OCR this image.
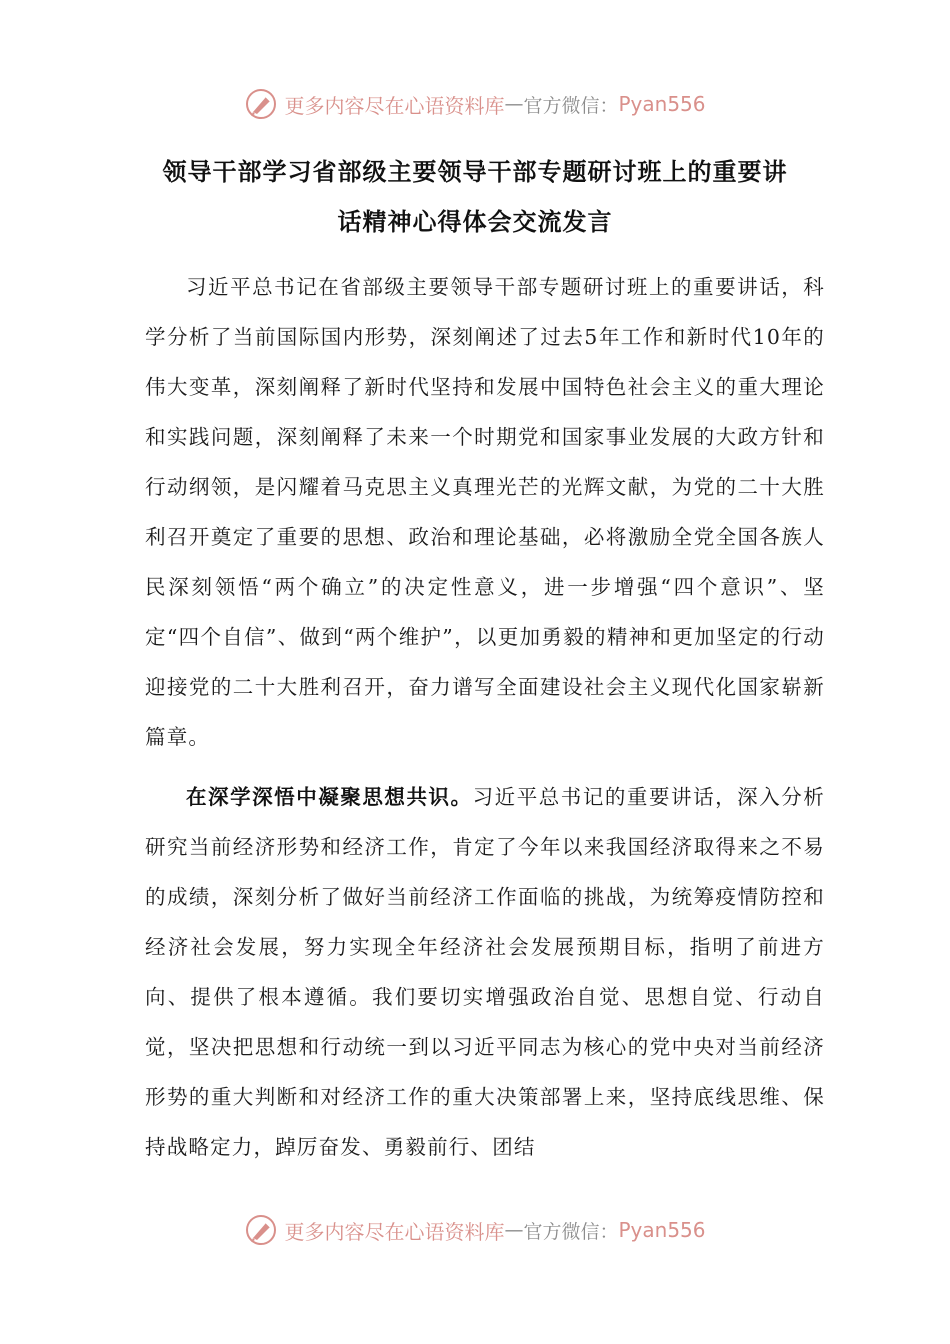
更多内容尽在心语资料库 — 官方微信： Pyan556
领导干部学习省部级主要领导干部专题研讨班上的重要讲
话精神心得体会交流发言

习近平总书记在省部级主要领导干部专题研讨班上的重要讲话，科学分析了当前国际国内形势，深刻阐述了过去5年工作和新时代10年的伟大变革，深刻阐释了新时代坚持和发展中国特色社会主义的重大理论和实践问题，深刻阐释了未来一个时期党和国家事业发展的大政方针和行动纲领，是闪耀着马克思主义真理光芒的光辉文献，为党的二十大胜利召开奠定了重要的思想、政治和理论基础，必将激励全党全国各族人民深刻领悟“两个确立”的决定性意义，进一步增强“四个意识”、坚定“四个自信”、做到“两个维护”，以更加勇毅的精神和更加坚定的行动迎接党的二十大胜利召开，奋力谱写全面建设社会主义现代化国家崭新篇章。

在深学深悟中凝聚思想共识。习近平总书记的重要讲话，深入分析研究当前经济形势和经济工作，肯定了今年以来我国经济取得来之不易的成绩，深刻分析了做好当前经济工作面临的挑战，为统筹疫情防控和经济社会发展，努力实现全年经济社会发展预期目标，指明了前进方向、提供了根本遵循。我们要切实增强政治自觉、思想自觉、行动自觉，坚决把思想和行动统一到以习近平同志为核心的党中央对当前经济形势的重大判断和对经济工作的重大决策部署上来，坚持底线思维、保持战略定力，踔厉奋发、勇毅前行、团结

更多内容尽在心语资料库 — 官方微信： Pyan556
